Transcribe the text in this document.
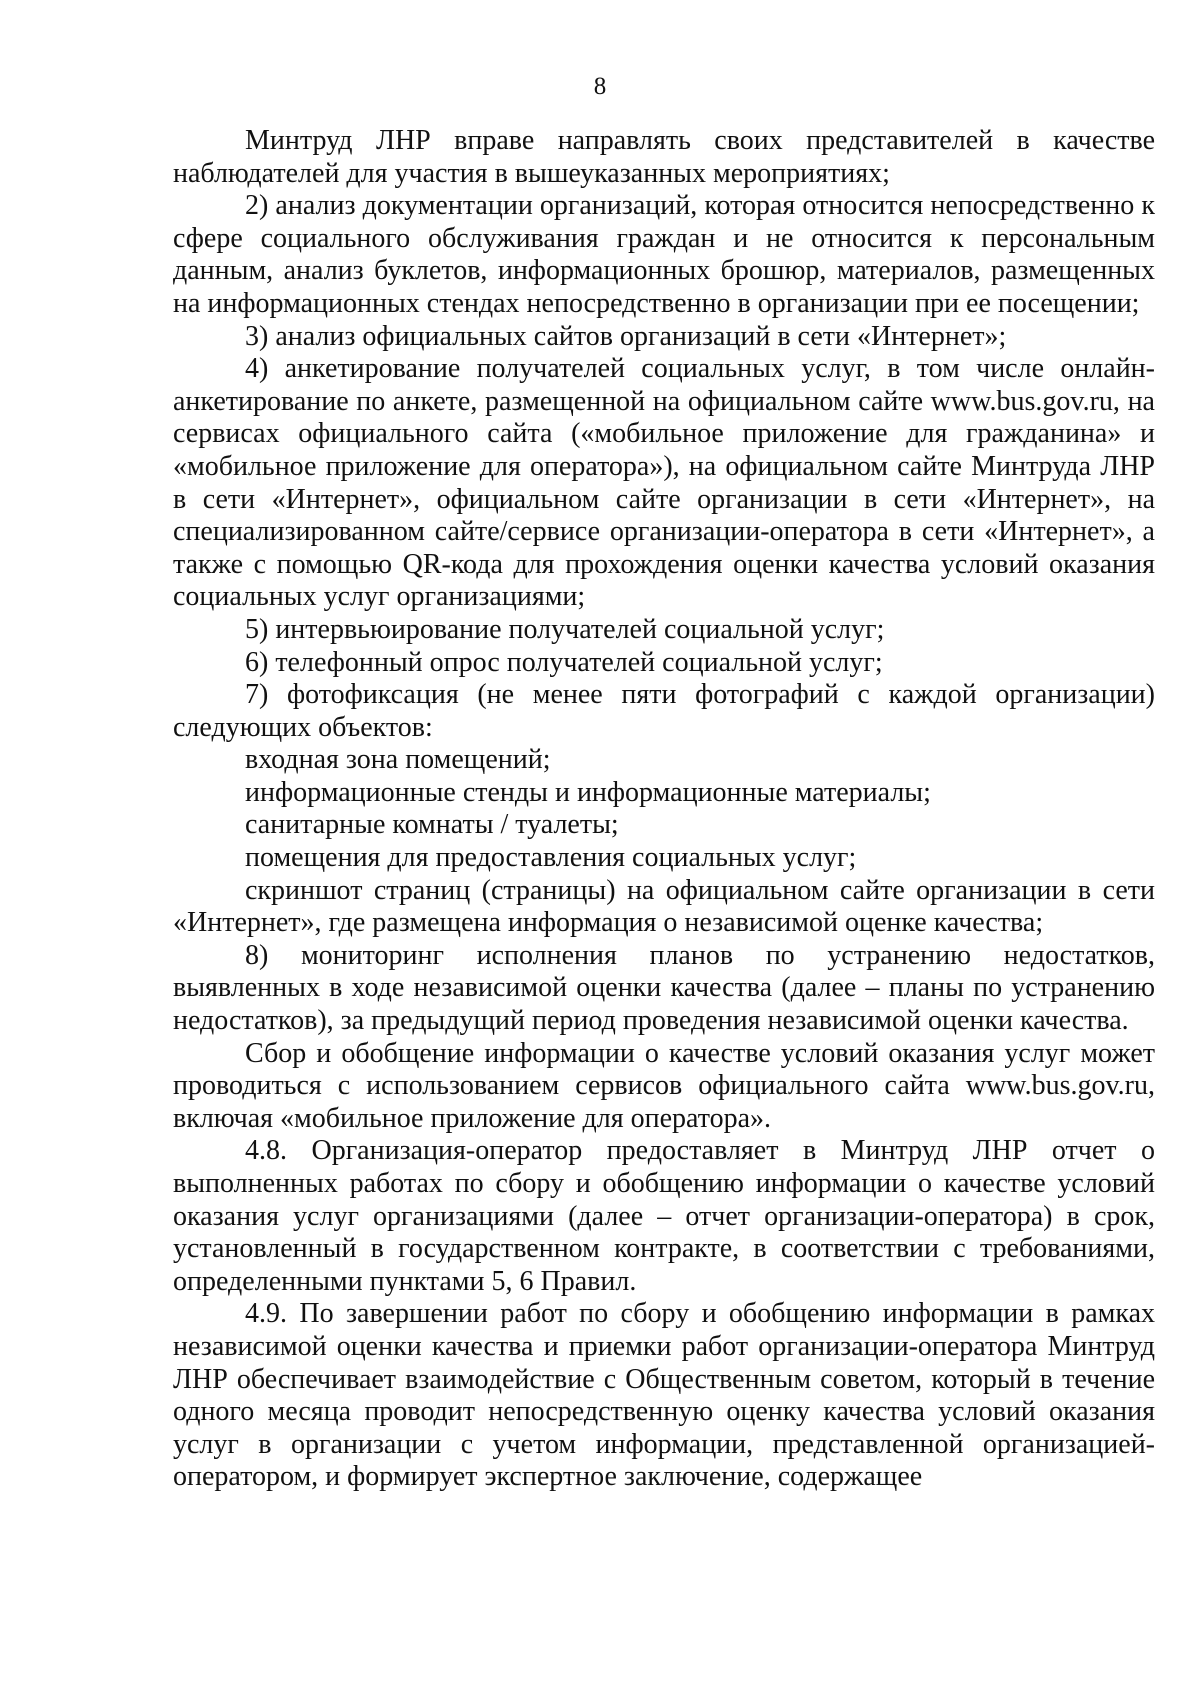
8

Минтруд ЛНР вправе направлять своих представителей в качестве наблюдателей для участия в вышеуказанных мероприятиях;

2) анализ документации организаций, которая относится непосредственно к сфере социального обслуживания граждан и не относится к персональным данным, анализ буклетов, информационных брошюр, материалов, размещенных на информационных стендах непосредственно в организации при ее посещении;

3) анализ официальных сайтов организаций в сети «Интернет»;

4) анкетирование получателей социальных услуг, в том числе онлайн-анкетирование по анкете, размещенной на официальном сайте www.bus.gov.ru, на сервисах официального сайта («мобильное приложение для гражданина» и «мобильное приложение для оператора»), на официальном сайте Минтруда ЛНР в сети «Интернет», официальном сайте организации в сети «Интернет», на специализированном сайте/сервисе организации-оператора в сети «Интернет», а также с помощью QR-кода для прохождения оценки качества условий оказания социальных услуг организациями;

5) интервьюирование получателей социальной услуг;

6) телефонный опрос получателей социальной услуг;

7) фотофиксация (не менее пяти фотографий с каждой организации) следующих объектов:

входная зона помещений;

информационные стенды и информационные материалы;

санитарные комнаты / туалеты;

помещения для предоставления социальных услуг;

скриншот страниц (страницы) на официальном сайте организации в сети «Интернет», где размещена информация о независимой оценке качества;

8) мониторинг исполнения планов по устранению недостатков, выявленных в ходе независимой оценки качества (далее – планы по устранению недостатков), за предыдущий период проведения независимой оценки качества.

Сбор и обобщение информации о качестве условий оказания услуг может проводиться с использованием сервисов официального сайта www.bus.gov.ru, включая «мобильное приложение для оператора».

4.8. Организация-оператор предоставляет в Минтруд ЛНР отчет о выполненных работах по сбору и обобщению информации о качестве условий оказания услуг организациями (далее – отчет организации-оператора) в срок, установленный в государственном контракте, в соответствии с требованиями, определенными пунктами 5, 6 Правил.

4.9. По завершении работ по сбору и обобщению информации в рамках независимой оценки качества и приемки работ организации-оператора Минтруд ЛНР обеспечивает взаимодействие с Общественным советом, который в течение одного месяца проводит непосредственную оценку качества условий оказания услуг в организации с учетом информации, представленной организацией-оператором, и формирует экспертное заключение, содержащее
